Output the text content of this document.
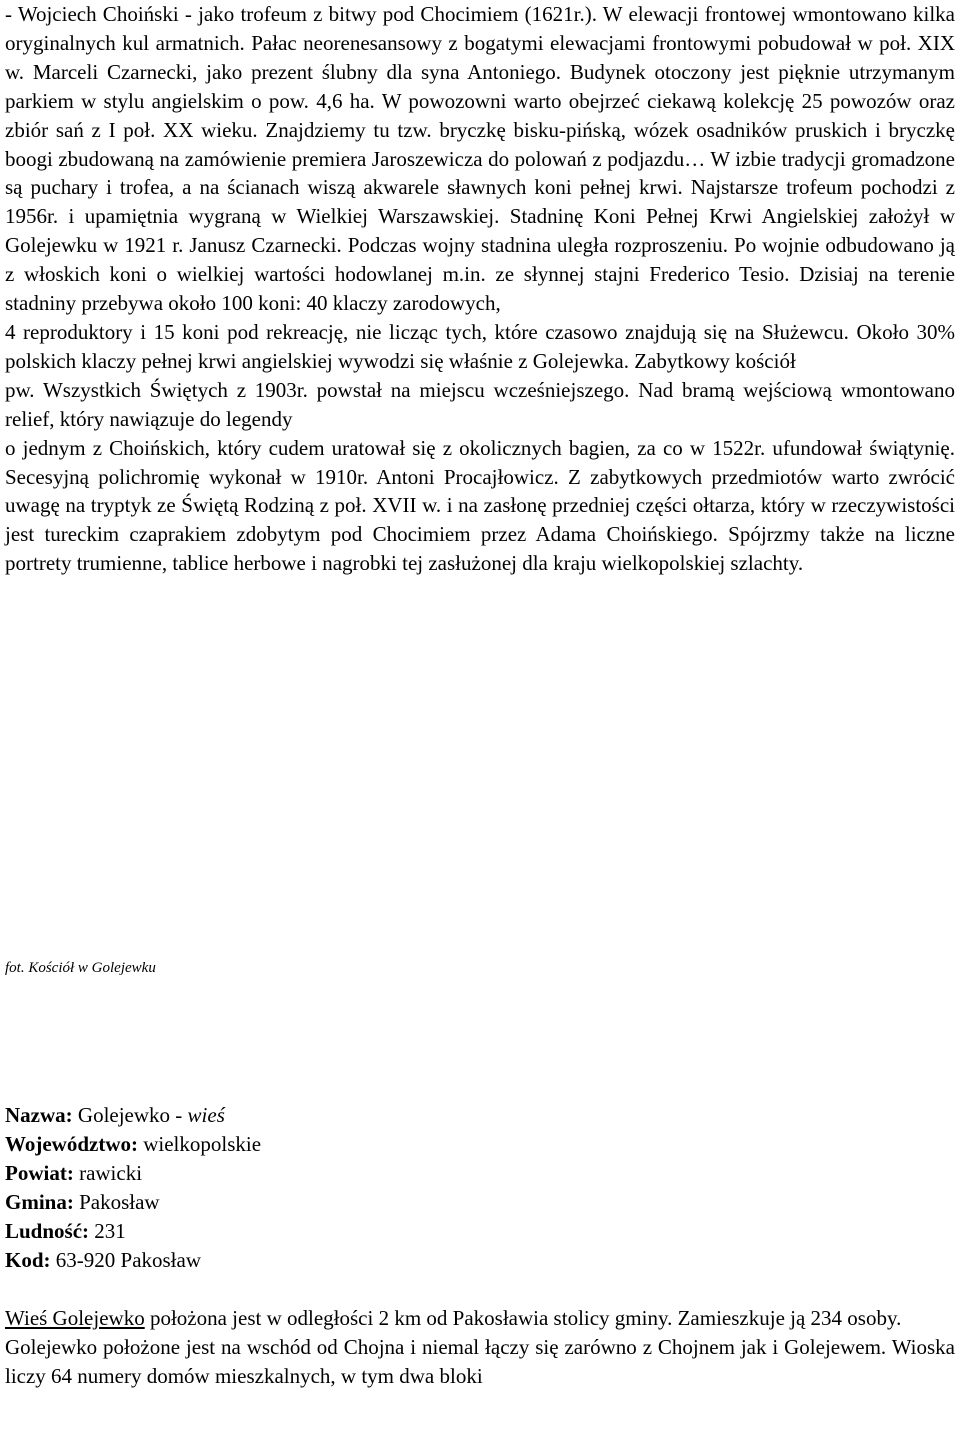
- Wojciech Choiński - jako trofeum z bitwy pod Chocimiem (1621r.). W elewacji frontowej wmontowano kilka oryginalnych kul armatnich. Pałac neorenesansowy z bogatymi elewacjami frontowymi pobudował w poł. XIX w. Marceli Czarnecki, jako prezent ślubny dla syna Antoniego. Budynek otoczony jest pięknie utrzymanym parkiem w stylu angielskim o pow. 4,6 ha. W powozowni warto obejrzeć ciekawą kolekcję 25 powozów oraz zbiór sań z I poł. XX wieku. Znajdziemy tu tzw. bryczkę bisku-pińską, wózek osadników pruskich i bryczkę boogi zbudowaną na zamówienie premiera Jaroszewicza do polowań z podjazdu… W izbie tradycji gromadzone są puchary i trofea, a na ścianach wiszą akwarele sławnych koni pełnej krwi. Najstarsze trofeum pochodzi z 1956r. i upamiętnia wygraną w Wielkiej Warszawskiej. Stadninę Koni Pełnej Krwi Angielskiej założył w Golejewku w 1921 r. Janusz Czarnecki. Podczas wojny stadnina uległa rozproszeniu. Po wojnie odbudowano ją z włoskich koni o wielkiej wartości hodowlanej m.in. ze słynnej stajni Frederico Tesio. Dzisiaj na terenie stadniny przebywa około 100 koni: 40 klaczy zarodowych,
4 reproduktory i 15 koni pod rekreację, nie licząc tych, które czasowo znajdują się na Służewcu. Około 30% polskich klaczy pełnej krwi angielskiej wywodzi się właśnie z Golejewka. Zabytkowy kościół
pw. Wszystkich Świętych z 1903r. powstał na miejscu wcześniejszego. Nad bramą wejściową wmontowano relief, który nawiązuje do legendy
o jednym z Choińskich, który cudem uratował się z okolicznych bagien, za co w 1522r. ufundował świątynię. Secesyjną polichromię wykonał w 1910r. Antoni Procajłowicz. Z zabytkowych przedmiotów warto zwrócić uwagę na tryptyk ze Świętą Rodziną z poł. XVII w. i na zasłonę przedniej części ołtarza, który w rzeczywistości jest tureckim czaprakiem zdobytym pod Chocimiem przez Adama Choińskiego. Spójrzmy także na liczne portrety trumienne, tablice herbowe i nagrobki tej zasłużonej dla kraju wielkopolskiej szlachty.

fot. Kościół w Golejewku

Nazwa: Golejewko - wieś
Województwo: wielkopolskie
Powiat: rawicki
Gmina: Pakosław
Ludność: 231
Kod: 63-920 Pakosław

Wieś Golejewko położona jest w odległości 2 km od Pakosławia stolicy gminy. Zamieszkuje ją 234 osoby.

Golejewko położone jest na wschód od Chojna i niemal łączy się zarówno z Chojnem jak i Golejewem. Wioska liczy 64 numery domów mieszkalnych, w tym dwa bloki
